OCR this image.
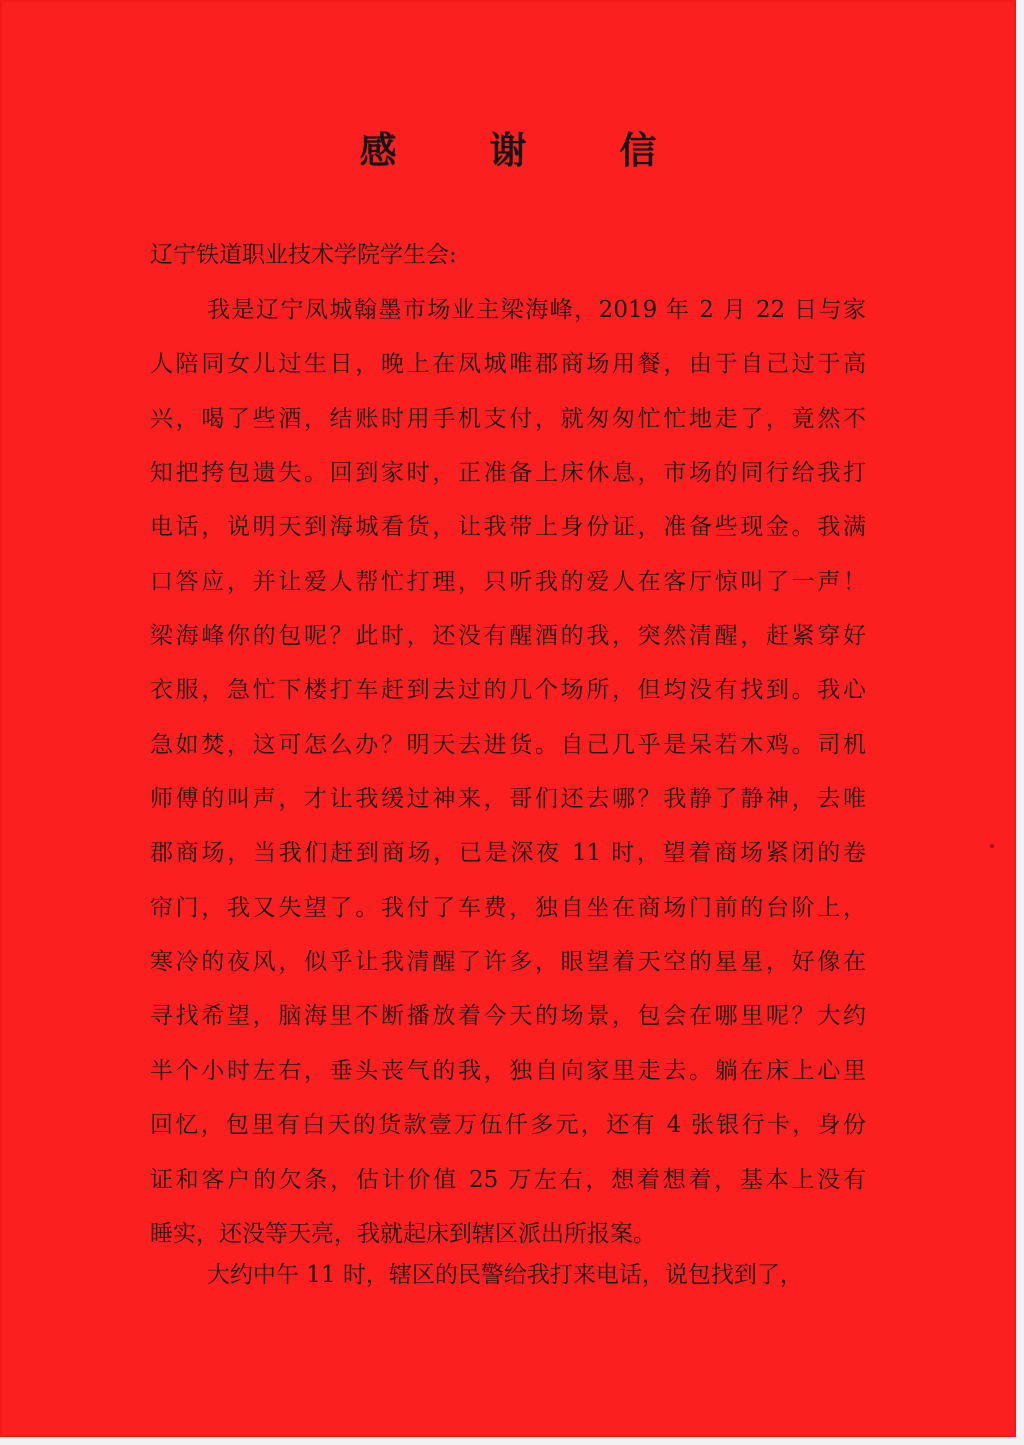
感 谢 信
辽宁铁道职业技术学院学生会:
我是辽宁凤城翰墨市场业主梁海峰，2019 年 2 月 22 日与家
人陪同女儿过生日，晚上在凤城唯郡商场用餐，由于自己过于高
兴，喝了些酒，结账时用手机支付，就匆匆忙忙地走了，竟然不
知把挎包遗失。回到家时，正准备上床休息，市场的同行给我打
电话，说明天到海城看货，让我带上身份证，准备些现金。我满
口答应，并让爱人帮忙打理，只听我的爱人在客厅惊叫了一声！
梁海峰你的包呢？此时，还没有醒酒的我，突然清醒，赶紧穿好
衣服，急忙下楼打车赶到去过的几个场所，但均没有找到。我心
急如焚，这可怎么办？明天去进货。自己几乎是呆若木鸡。司机
师傅的叫声，才让我缓过神来，哥们还去哪？我静了静神，去唯
郡商场，当我们赶到商场，已是深夜 11 时，望着商场紧闭的卷
帘门，我又失望了。我付了车费，独自坐在商场门前的台阶上，
寒冷的夜风，似乎让我清醒了许多，眼望着天空的星星，好像在
寻找希望，脑海里不断播放着今天的场景，包会在哪里呢？大约
半个小时左右，垂头丧气的我，独自向家里走去。躺在床上心里
回忆，包里有白天的货款壹万伍仟多元，还有 4 张银行卡，身份
证和客户的欠条，估计价值 25 万左右，想着想着，基本上没有
睡实，还没等天亮，我就起床到辖区派出所报案。
大约中午 11 时，辖区的民警给我打来电话，说包找到了，
